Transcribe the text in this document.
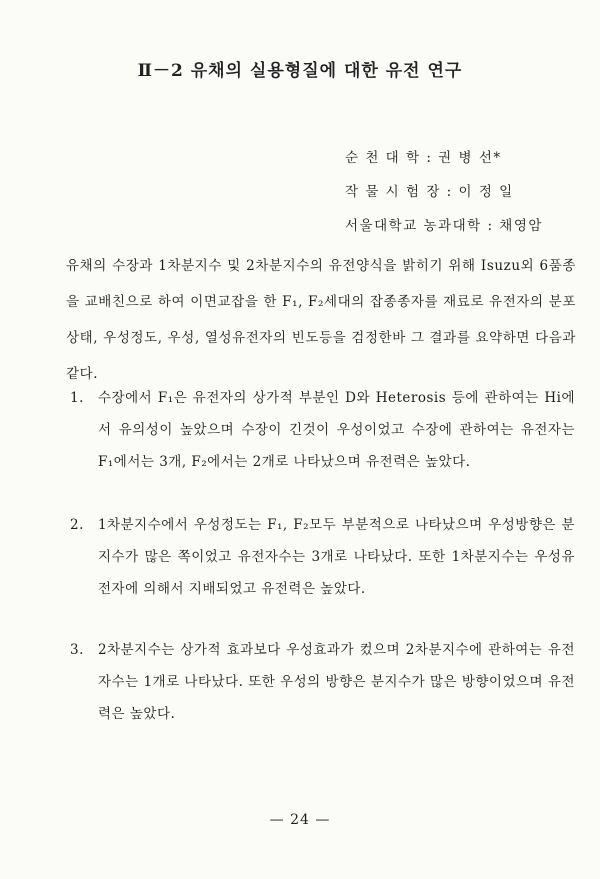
Ⅱ－2 유채의 실용형질에 대한 유전 연구
순 천 대 학 : 권 병 선*
작 물 시 험 장 : 이 정 일
서울대학교 농과대학 : 채영암
유채의 수장과 1차분지수 및 2차분지수의 유전양식을 밝히기 위해 Isuzu외 6품종을 교배친으로 하여 이면교잡을 한 F₁, F₂세대의 잡종종자를 재료로 유전자의 분포상태, 우성정도, 우성, 열성유전자의 빈도등을 검정한바 그 결과를 요약하면 다음과 같다.
1.	수장에서 F₁은 유전자의 상가적 부분인 D와 Heterosis 등에 관하여는 Hi에서 유의성이 높았으며 수장이 긴것이 우성이었고 수장에 관하여는 유전자는 F₁에서는 3개, F₂에서는 2개로 나타났으며 유전력은 높았다.
2.	1차분지수에서 우성정도는 F₁, F₂모두 부분적으로 나타났으며 우성방향은 분지수가 많은 쪽이었고 유전자수는 3개로 나타났다. 또한 1차분지수는 우성유전자에 의해서 지배되었고 유전력은 높았다.
3.	2차분지수는 상가적 효과보다 우성효과가 컸으며 2차분지수에 관하여는 유전자수는 1개로 나타났다. 또한 우성의 방향은 분지수가 많은 방향이었으며 유전력은 높았다.
— 24 —
